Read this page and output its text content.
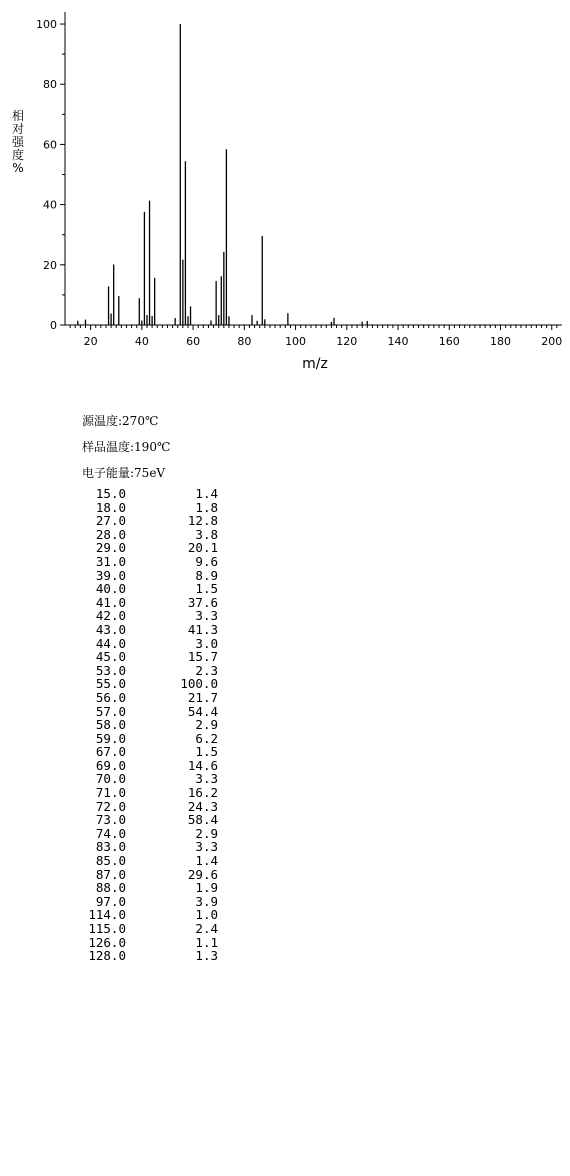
20	40	60	80	100	120	140	160	180	200
0
20
40
60
80
100
m/z
相
对
强
度
%
源温度:270℃
样品温度:190℃
电子能量:75eV
15.0	1.4
18.0	1.8
27.0	12.8
28.0	3.8
29.0	20.1
31.0	9.6
39.0	8.9
40.0	1.5
41.0	37.6
42.0	3.3
43.0	41.3
44.0	3.0
45.0	15.7
53.0	2.3
55.0	100.0
56.0	21.7
57.0	54.4
58.0	2.9
59.0	6.2
67.0	1.5
69.0	14.6
70.0	3.3
71.0	16.2
72.0	24.3
73.0	58.4
74.0	2.9
83.0	3.3
85.0	1.4
87.0	29.6
88.0	1.9
97.0	3.9
114.0	1.0
115.0	2.4
126.0	1.1
128.0	1.3
